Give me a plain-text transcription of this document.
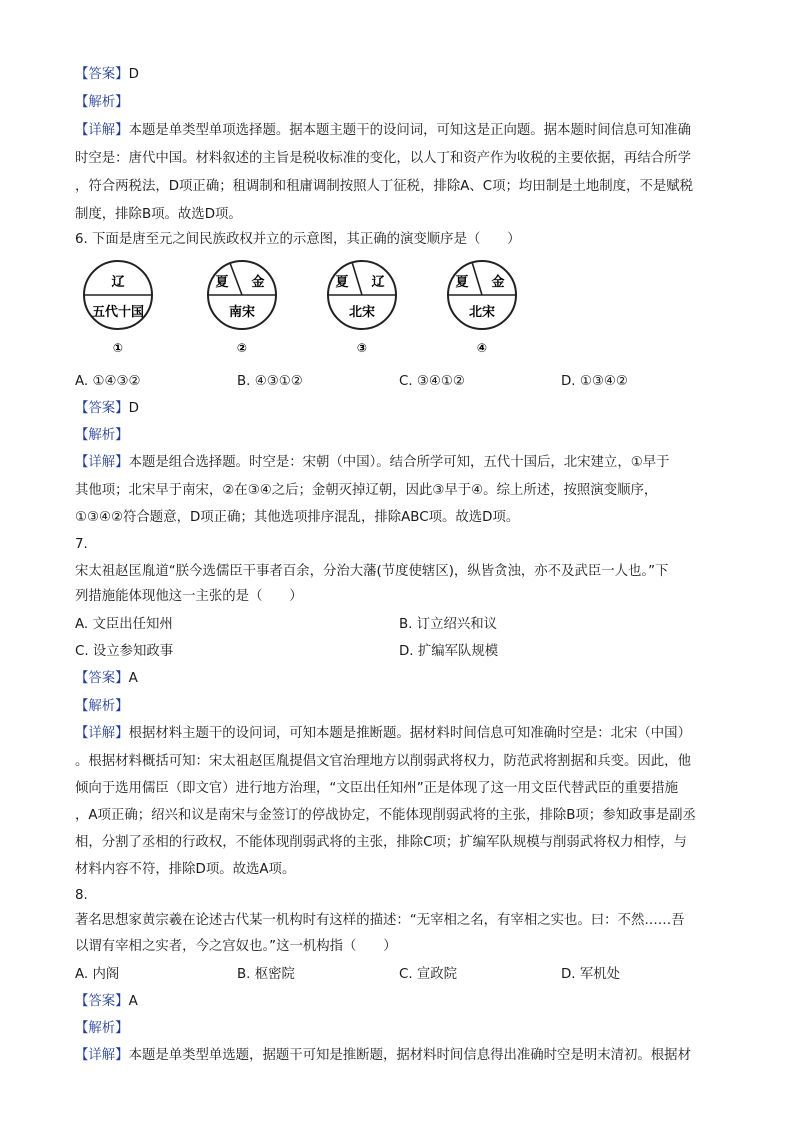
【答案】D
【解析】
【详解】本题是单类型单项选择题。据本题主题干的设问词，可知这是正向题。据本题时间信息可知准确
时空是：唐代中国。材料叙述的主旨是税收标准的变化，以人丁和资产作为收税的主要依据，再结合所学
，符合两税法，D项正确；租调制和租庸调制按照人丁征税，排除A、C项；均田制是土地制度，不是赋税
制度，排除B项。故选D项。
6. 下面是唐至元之间民族政权并立的示意图，其正确的演变顺序是（　　）
辽
五代十国
①
夏 金
南宋
②
夏 辽
北宋
③
夏 金
北宋
④
A. ①④③②	B. ④③①②	C. ③④①②	D. ①③④②
【答案】D
【解析】
【详解】本题是组合选择题。时空是：宋朝（中国）。结合所学可知，五代十国后，北宋建立，①早于
其他项；北宋早于南宋，②在③④之后；金朝灭掉辽朝，因此③早于④。综上所述，按照演变顺序，
①③④②符合题意，D项正确；其他选项排序混乱，排除ABC项。故选D项。
7.
宋太祖赵匡胤道“朕今选儒臣干事者百余，分治大藩(节度使辖区)，纵皆贪浊，亦不及武臣一人也。”下
列措施能体现他这一主张的是（　　）
A. 文臣出任知州	B. 订立绍兴和议
C. 设立参知政事	D. 扩编军队规模
【答案】A
【解析】
【详解】根据材料主题干的设问词，可知本题是推断题。据材料时间信息可知准确时空是：北宋（中国）
。根据材料概括可知：宋太祖赵匡胤提倡文官治理地方以削弱武将权力，防范武将割据和兵变。因此，他
倾向于选用儒臣（即文官）进行地方治理，“文臣出任知州”正是体现了这一用文臣代替武臣的重要措施
，A项正确；绍兴和议是南宋与金签订的停战协定，不能体现削弱武将的主张，排除B项；参知政事是副丞
相，分割了丞相的行政权，不能体现削弱武将的主张，排除C项；扩编军队规模与削弱武将权力相悖，与
材料内容不符，排除D项。故选A项。
8.
著名思想家黄宗羲在论述古代某一机构时有这样的描述：“无宰相之名，有宰相之实也。曰：不然……吾
以谓有宰相之实者，今之宫奴也。”这一机构指（　　）
A. 内阁	B. 枢密院	C. 宣政院	D. 军机处
【答案】A
【解析】
【详解】本题是单类型单选题，据题干可知是推断题，据材料时间信息得出准确时空是明末清初。根据材
